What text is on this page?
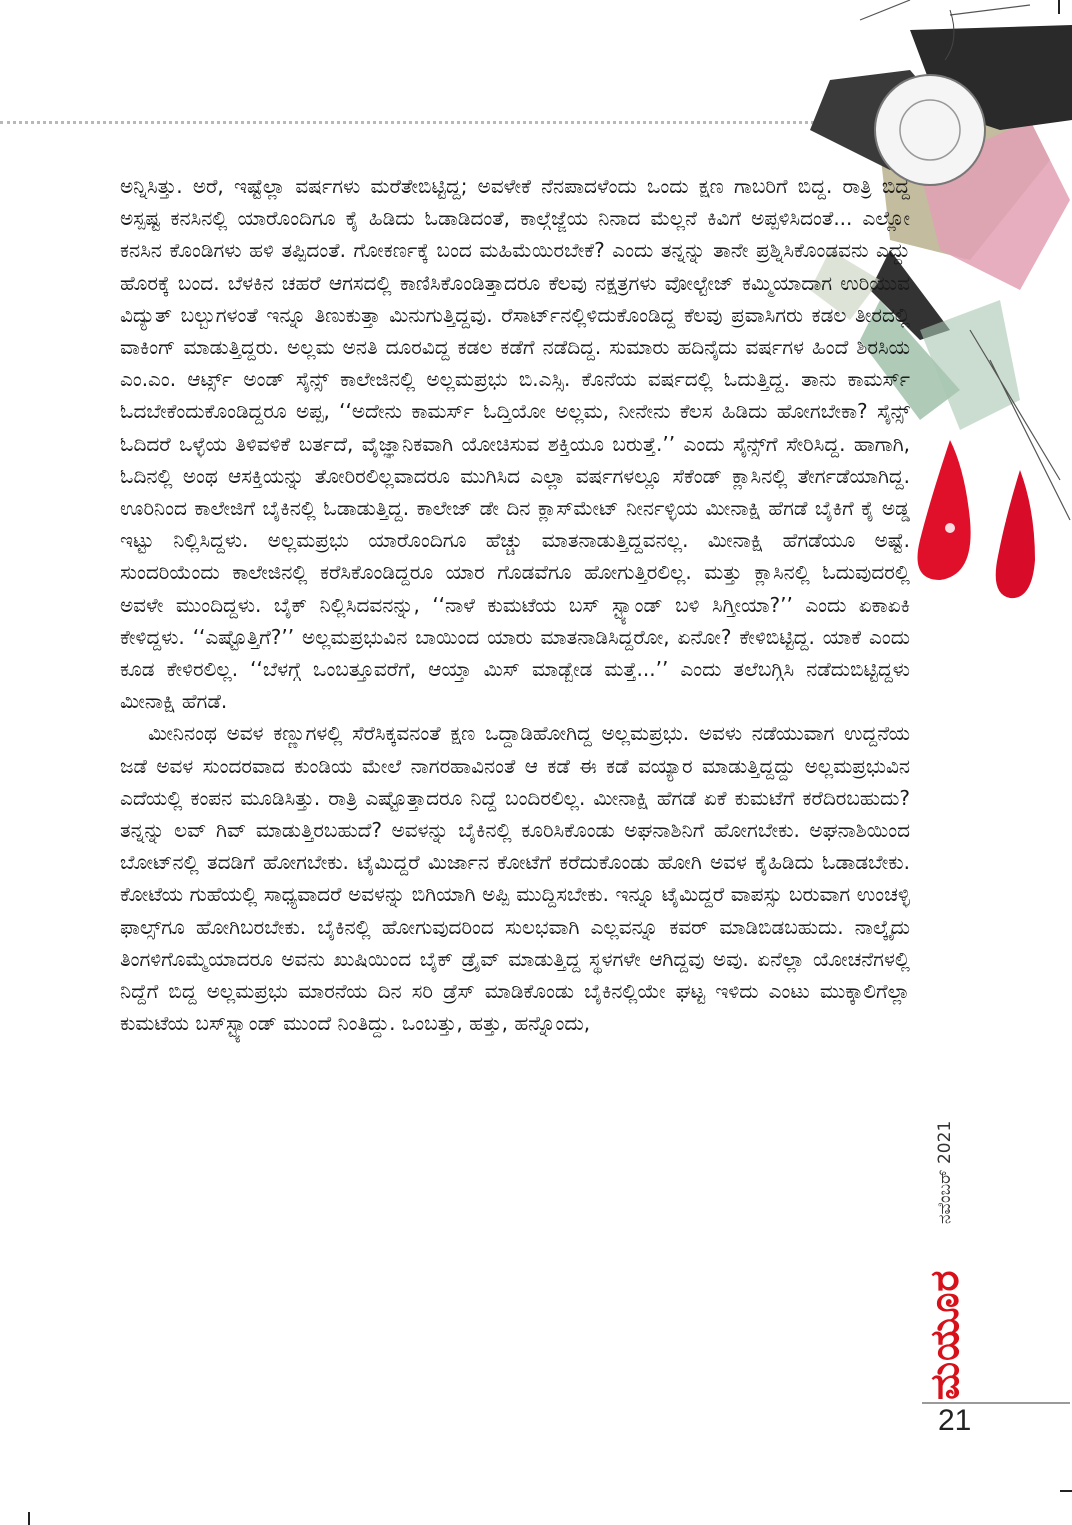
ಅನ್ನಿಸಿತ್ತು. ಅರೆ, ಇಷ್ಟೆಲ್ಲಾ ವರ್ಷಗಳು ಮರೆತೇಬಿಟ್ಟಿದ್ದ; ಅವಳೇಕೆ ನೆನಪಾದಳೆಂದು ಒಂದು ಕ್ಷಣ ಗಾಬರಿಗೆ ಬಿದ್ದ. ರಾತ್ರಿ ಬಿದ್ದ ಅಸ್ಪಷ್ಟ ಕನಸಿನಲ್ಲಿ ಯಾರೊಂದಿಗೂ ಕೈ ಹಿಡಿದು ಓಡಾಡಿದಂತೆ, ಕಾಲ್ಗೆಜ್ಜೆಯ ನಿನಾದ ಮೆಲ್ಲನೆ ಕಿವಿಗೆ ಅಪ್ಪಳಿಸಿದಂತೆ... ಎಲ್ಲೋ ಕನಸಿನ ಕೊಂಡಿಗಳು ಹಳಿ ತಪ್ಪಿದಂತೆ. ಗೋಕರ್ಣಕ್ಕೆ ಬಂದ ಮಹಿಮೆಯಿರಬೇಕೆ? ಎಂದು ತನ್ನನ್ನು ತಾನೇ ಪ್ರಶ್ನಿಸಿಕೊಂಡವನು ಎದ್ದು ಹೊರಕ್ಕೆ ಬಂದ. ಬೆಳಕಿನ ಚಹರೆ ಆಗಸದಲ್ಲಿ ಕಾಣಿಸಿಕೊಂಡಿತ್ತಾದರೂ ಕೆಲವು ನಕ್ಷತ್ರಗಳು ವೋಲ್ಟೇಜ್ ಕಮ್ಮಿಯಾದಾಗ ಉರಿಯುವ ವಿದ್ಯುತ್ ಬಲ್ಬುಗಳಂತೆ ಇನ್ನೂ ತಿಣುಕುತ್ತಾ ಮಿನುಗುತ್ತಿದ್ದವು. ರೆಸಾರ್ಟ್‌ನಲ್ಲಿಳಿದುಕೊಂಡಿದ್ದ ಕೆಲವು ಪ್ರವಾಸಿಗರು ಕಡಲ ತೀರದಲ್ಲಿ ವಾಕಿಂಗ್ ಮಾಡುತ್ತಿದ್ದರು. ಅಲ್ಲಮ ಅನತಿ ದೂರವಿದ್ದ ಕಡಲ ಕಡೆಗೆ ನಡೆದಿದ್ದ. ಸುಮಾರು ಹದಿನೈದು ವರ್ಷಗಳ ಹಿಂದೆ ಶಿರಸಿಯ ಎಂ.ಎಂ. ಆರ್ಟ್ಸ್ ಅಂಡ್ ಸೈನ್ಸ್ ಕಾಲೇಜಿನಲ್ಲಿ ಅಲ್ಲಮಪ್ರಭು ಬಿ.ಎಸ್ಸಿ. ಕೊನೆಯ ವರ್ಷದಲ್ಲಿ ಓದುತ್ತಿದ್ದ. ತಾನು ಕಾಮರ್ಸ್ ಓದಬೇಕೆಂದುಕೊಂಡಿದ್ದರೂ ಅಪ್ಪ, ‘‘ಅದೇನು ಕಾಮರ್ಸ್ ಓದ್ತಿಯೋ ಅಲ್ಲಮ, ನೀನೇನು ಕೆಲಸ ಹಿಡಿದು ಹೋಗಬೇಕಾ? ಸೈನ್ಸ್ ಓದಿದರೆ ಒಳ್ಳೆಯ ತಿಳಿವಳಿಕೆ ಬರ್ತದೆ, ವೈಜ್ಞಾನಿಕವಾಗಿ ಯೋಚಿಸುವ ಶಕ್ತಿಯೂ ಬರುತ್ತೆ.’’ ಎಂದು ಸೈನ್ಸ್‌ಗೆ ಸೇರಿಸಿದ್ದ. ಹಾಗಾಗಿ, ಓದಿನಲ್ಲಿ ಅಂಥ ಆಸಕ್ತಿಯನ್ನು ತೋರಿರಲಿಲ್ಲವಾದರೂ ಮುಗಿಸಿದ ಎಲ್ಲಾ ವರ್ಷಗಳಲ್ಲೂ ಸೆಕೆಂಡ್ ಕ್ಲಾಸಿನಲ್ಲಿ ತೇರ್ಗಡೆಯಾಗಿದ್ದ. ಊರಿನಿಂದ ಕಾಲೇಜಿಗೆ ಬೈಕಿನಲ್ಲಿ ಓಡಾಡುತ್ತಿದ್ದ. ಕಾಲೇಜ್ ಡೇ ದಿನ ಕ್ಲಾಸ್‌ಮೇಟ್ ನೀರ್ನಳ್ಳಿಯ ಮೀನಾಕ್ಷಿ ಹೆಗಡೆ ಬೈಕಿಗೆ ಕೈ ಅಡ್ಡ ಇಟ್ಟು ನಿಲ್ಲಿಸಿದ್ದಳು. ಅಲ್ಲಮಪ್ರಭು ಯಾರೊಂದಿಗೂ ಹೆಚ್ಚು ಮಾತನಾಡುತ್ತಿದ್ದವನಲ್ಲ. ಮೀನಾಕ್ಷಿ ಹೆಗಡೆಯೂ ಅಷ್ಟೆ. ಸುಂದರಿಯೆಂದು ಕಾಲೇಜಿನಲ್ಲಿ ಕರೆಸಿಕೊಂಡಿದ್ದರೂ ಯಾರ ಗೊಡವೆಗೂ ಹೋಗುತ್ತಿರಲಿಲ್ಲ. ಮತ್ತು ಕ್ಲಾಸಿನಲ್ಲಿ ಓದುವುದರಲ್ಲಿ ಅವಳೇ ಮುಂದಿದ್ದಳು. ಬೈಕ್ ನಿಲ್ಲಿಸಿದವನನ್ನು, ‘‘ನಾಳೆ ಕುಮಟೆಯ ಬಸ್ ಸ್ಟ್ಯಾಂಡ್ ಬಳಿ ಸಿಗ್ತೀಯಾ?’’ ಎಂದು ಏಕಾಏಕಿ ಕೇಳಿದ್ದಳು. ‘‘ಎಷ್ಟೊತ್ತಿಗೆ?’’ ಅಲ್ಲಮಪ್ರಭುವಿನ ಬಾಯಿಂದ ಯಾರು ಮಾತನಾಡಿಸಿದ್ದರೋ, ಏನೋ? ಕೇಳಿಬಿಟ್ಟಿದ್ದ. ಯಾಕೆ ಎಂದು ಕೂಡ ಕೇಳಿರಲಿಲ್ಲ. ‘‘ಬೆಳಗ್ಗೆ ಒಂಬತ್ತೂವರೆಗೆ, ಆಯ್ತಾ ಮಿಸ್ ಮಾಡ್ಬೇಡ ಮತ್ತೆ...’’ ಎಂದು ತಲೆಬಗ್ಗಿಸಿ ನಡೆದುಬಿಟ್ಟಿದ್ದಳು ಮೀನಾಕ್ಷಿ ಹೆಗಡೆ.

ಮೀನಿನಂಥ ಅವಳ ಕಣ್ಣುಗಳಲ್ಲಿ ಸೆರೆಸಿಕ್ಕವನಂತೆ ಕ್ಷಣ ಒದ್ದಾಡಿಹೋಗಿದ್ದ ಅಲ್ಲಮಪ್ರಭು. ಅವಳು ನಡೆಯುವಾಗ ಉದ್ದನೆಯ ಜಡೆ ಅವಳ ಸುಂದರವಾದ ಕುಂಡಿಯ ಮೇಲೆ ನಾಗರಹಾವಿನಂತೆ ಆ ಕಡೆ ಈ ಕಡೆ ವಯ್ಯಾರ ಮಾಡುತ್ತಿದ್ದದ್ದು ಅಲ್ಲಮಪ್ರಭುವಿನ ಎದೆಯಲ್ಲಿ ಕಂಪನ ಮೂಡಿಸಿತ್ತು. ರಾತ್ರಿ ಎಷ್ಟೊತ್ತಾದರೂ ನಿದ್ದೆ ಬಂದಿರಲಿಲ್ಲ. ಮೀನಾಕ್ಷಿ ಹೆಗಡೆ ಏಕೆ ಕುಮಟೆಗೆ ಕರೆದಿರಬಹುದು? ತನ್ನನ್ನು ಲವ್ ಗಿವ್ ಮಾಡುತ್ತಿರಬಹುದೆ? ಅವಳನ್ನು ಬೈಕಿನಲ್ಲಿ ಕೂರಿಸಿಕೊಂಡು ಅಘನಾಶಿನಿಗೆ ಹೋಗಬೇಕು. ಅಘನಾಶಿಯಿಂದ ಬೋಟ್‌ನಲ್ಲಿ ತದಡಿಗೆ ಹೋಗಬೇಕು. ಟೈಮಿದ್ದರೆ ಮಿರ್ಜಾನ ಕೋಟೆಗೆ ಕರೆದುಕೊಂಡು ಹೋಗಿ ಅವಳ ಕೈಹಿಡಿದು ಓಡಾಡಬೇಕು. ಕೋಟೆಯ ಗುಹೆಯಲ್ಲಿ ಸಾಧ್ಯವಾದರೆ ಅವಳನ್ನು ಬಿಗಿಯಾಗಿ ಅಪ್ಪಿ ಮುದ್ದಿಸಬೇಕು. ಇನ್ನೂ ಟೈಮಿದ್ದರೆ ವಾಪಸ್ಸು ಬರುವಾಗ ಉಂಚಳ್ಳಿ ಫಾಲ್ಸ್‌ಗೂ ಹೋಗಿಬರಬೇಕು. ಬೈಕಿನಲ್ಲಿ ಹೋಗುವುದರಿಂದ ಸುಲಭವಾಗಿ ಎಲ್ಲವನ್ನೂ ಕವರ್ ಮಾಡಿಬಿಡಬಹುದು. ನಾಲ್ಕೈದು ತಿಂಗಳಿಗೊಮ್ಮೆಯಾದರೂ ಅವನು ಖುಷಿಯಿಂದ ಬೈಕ್ ಡ್ರೈವ್ ಮಾಡುತ್ತಿದ್ದ ಸ್ಥಳಗಳೇ ಆಗಿದ್ದವು ಅವು. ಏನೆಲ್ಲಾ ಯೋಚನೆಗಳಲ್ಲಿ ನಿದ್ದೆಗೆ ಬಿದ್ದ ಅಲ್ಲಮಪ್ರಭು ಮಾರನೆಯ ದಿನ ಸರಿ ಡ್ರೆಸ್ ಮಾಡಿಕೊಂಡು ಬೈಕಿನಲ್ಲಿಯೇ ಘಟ್ಟ ಇಳಿದು ಎಂಟು ಮುಕ್ಕಾಲಿಗೆಲ್ಲಾ ಕುಮಟೆಯ ಬಸ್‌ಸ್ಟ್ಯಾಂಡ್ ಮುಂದೆ ನಿಂತಿದ್ದು. ಒಂಬತ್ತು, ಹತ್ತು, ಹನ್ನೊಂದು,

ನವೆಂಬರ್ 2021
ಮಯೂರ
21
